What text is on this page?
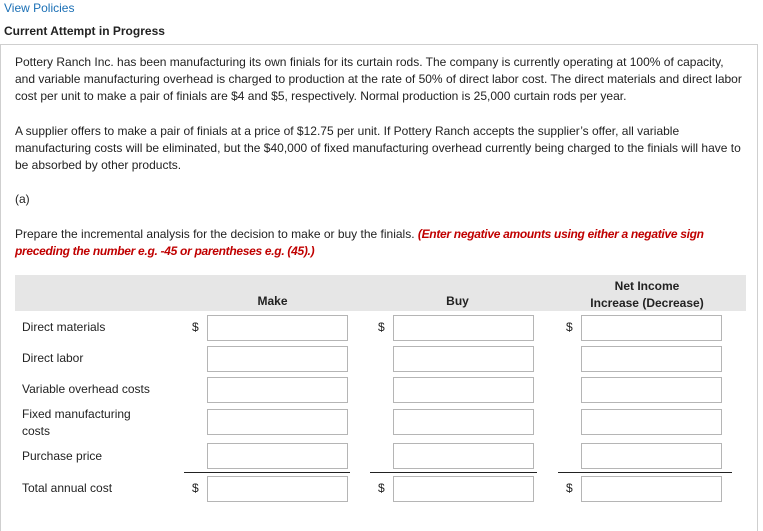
View Policies
Current Attempt in Progress

Pottery Ranch Inc. has been manufacturing its own finials for its curtain rods. The company is currently operating at 100% of capacity, and variable manufacturing overhead is charged to production at the rate of 50% of direct labor cost. The direct materials and direct labor cost per unit to make a pair of finials are $4 and $5, respectively. Normal production is 25,000 curtain rods per year.

A supplier offers to make a pair of finials at a price of $12.75 per unit. If Pottery Ranch accepts the supplier’s offer, all variable manufacturing costs will be eliminated, but the $40,000 of fixed manufacturing overhead currently being charged to the finials will have to be absorbed by other products.

(a)

Prepare the incremental analysis for the decision to make or buy the finials. (Enter negative amounts using either a negative sign preceding the number e.g. -45 or parentheses e.g. (45).)

Make	Buy
Net Income
Increase (Decrease)
Direct materials	$	$	$
Direct labor
Variable overhead costs
Fixed manufacturing
costs
Purchase price
Total annual cost	$	$	$
